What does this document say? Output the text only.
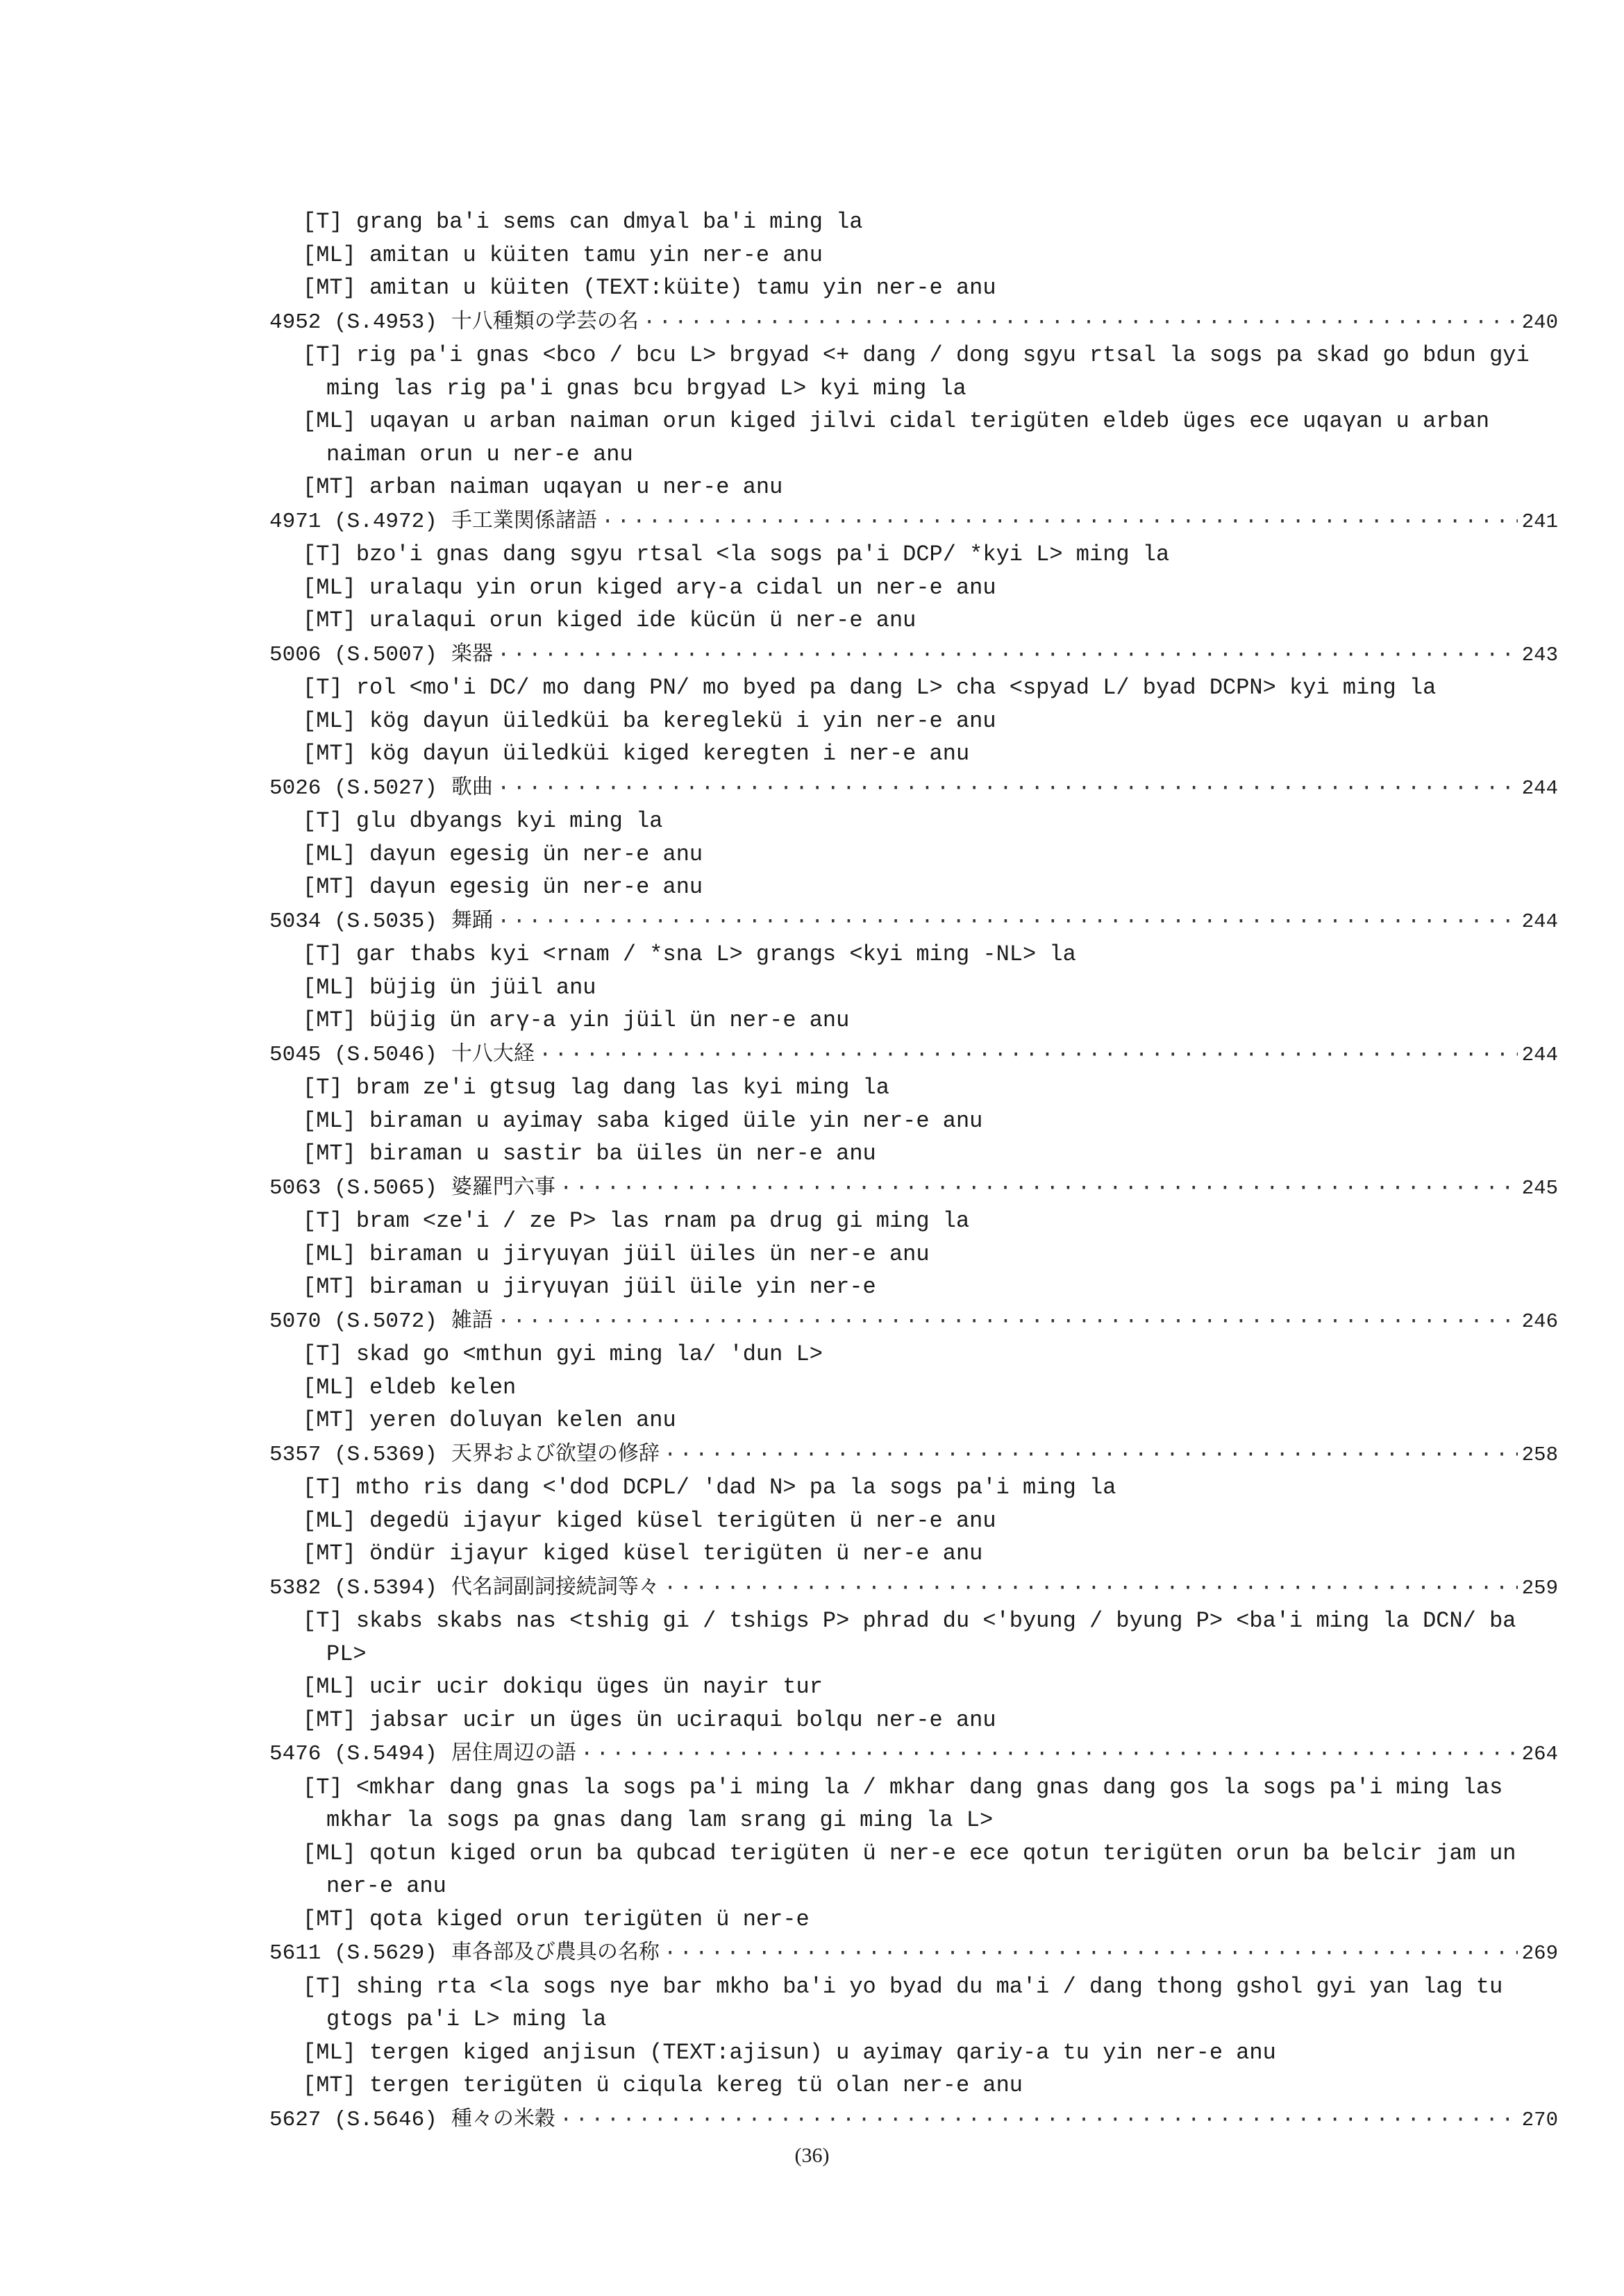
[T] grang ba'i sems can dmyal ba'i ming la
[ML] amitan u küiten tamu yin ner-e anu
[MT] amitan u küiten (TEXT:küite) tamu yin ner-e anu
4952 (S.4953) 十八種類の学芸の名 ·····	240
[T] rig pa'i gnas <bco / bcu L> brgyad <+ dang / dong sgyu rtsal la sogs pa skad go bdun gyi ming las rig pa'i gnas bcu brgyad L> kyi ming la
[ML] uqaγan u arban naiman orun kiged jilvi cidal terigüten eldeb üges ece uqaγan u arban naiman orun u ner-e anu
[MT] arban naiman uqaγan u ner-e anu
4971 (S.4972) 手工業関係諸語 ·····	241
[T] bzo'i gnas dang sgyu rtsal <la sogs pa'i DCP/ *kyi L> ming la
[ML] uralaqu yin orun kiged arγ-a cidal un ner-e anu
[MT] uralaqui orun kiged ide kücün ü ner-e anu
5006 (S.5007) 楽器 ·····	243
[T] rol <mo'i DC/ mo dang PN/ mo byed pa dang L> cha <spyad L/ byad DCPN> kyi ming la
[ML] kög daγun üiledküi ba kereglekü i yin ner-e anu
[MT] kög daγun üiledküi kiged keregten i ner-e anu
5026 (S.5027) 歌曲 ·····	244
[T] glu dbyangs kyi ming la
[ML] daγun egesig ün ner-e anu
[MT] daγun egesig ün ner-e anu
5034 (S.5035) 舞踊 ·····	244
[T] gar thabs kyi <rnam / *sna L> grangs <kyi ming -NL> la
[ML] büjig ün jüil anu
[MT] büjig ün arγ-a yin jüil ün ner-e anu
5045 (S.5046) 十八大経 ·····	244
[T] bram ze'i gtsug lag dang las kyi ming la
[ML] biraman u ayimaγ saba kiged üile yin ner-e anu
[MT] biraman u sastir ba üiles ün ner-e anu
5063 (S.5065) 婆羅門六事 ·····	245
[T] bram <ze'i / ze P> las rnam pa drug gi ming la
[ML] biraman u jirγuγan jüil üiles ün ner-e anu
[MT] biraman u jirγuγan jüil üile yin ner-e
5070 (S.5072) 雑語 ·····	246
[T] skad go <mthun gyi ming la/ 'dun L>
[ML] eldeb kelen
[MT] yeren doluγan kelen anu
5357 (S.5369) 天界および欲望の修辞 ·····	258
[T] mtho ris dang <'dod DCPL/ 'dad N> pa la sogs pa'i ming la
[ML] degedü ijaγur kiged küsel terigüten ü ner-e anu
[MT] öndür ijaγur kiged küsel terigüten ü ner-e anu
5382 (S.5394) 代名詞副詞接続詞等々 ·····	259
[T] skabs skabs nas <tshig gi / tshigs P> phrad du <'byung / byung P> <ba'i ming la DCN/ ba PL>
[ML] ucir ucir dokiqu üges ün nayir tur
[MT] jabsar ucir un üges ün uciraqui bolqu ner-e anu
5476 (S.5494) 居住周辺の語 ·····	264
[T] <mkhar dang gnas la sogs pa'i ming la / mkhar dang gnas dang gos la sogs pa'i ming las mkhar la sogs pa gnas dang lam srang gi ming la L>
[ML] qotun kiged orun ba qubcad terigüten ü ner-e ece qotun terigüten orun ba belcir jam un ner-e anu
[MT] qota kiged orun terigüten ü ner-e
5611 (S.5629) 車各部及び農具の名称 ·····	269
[T] shing rta <la sogs nye bar mkho ba'i yo byad du ma'i / dang thong gshol gyi yan lag tu gtogs pa'i L> ming la
[ML] tergen kiged anjisun (TEXT:ajisun) u ayimaγ qariy-a tu yin ner-e anu
[MT] tergen terigüten ü ciqula kereg tü olan ner-e anu
5627 (S.5646) 種々の米穀 ·····	270
(36)
